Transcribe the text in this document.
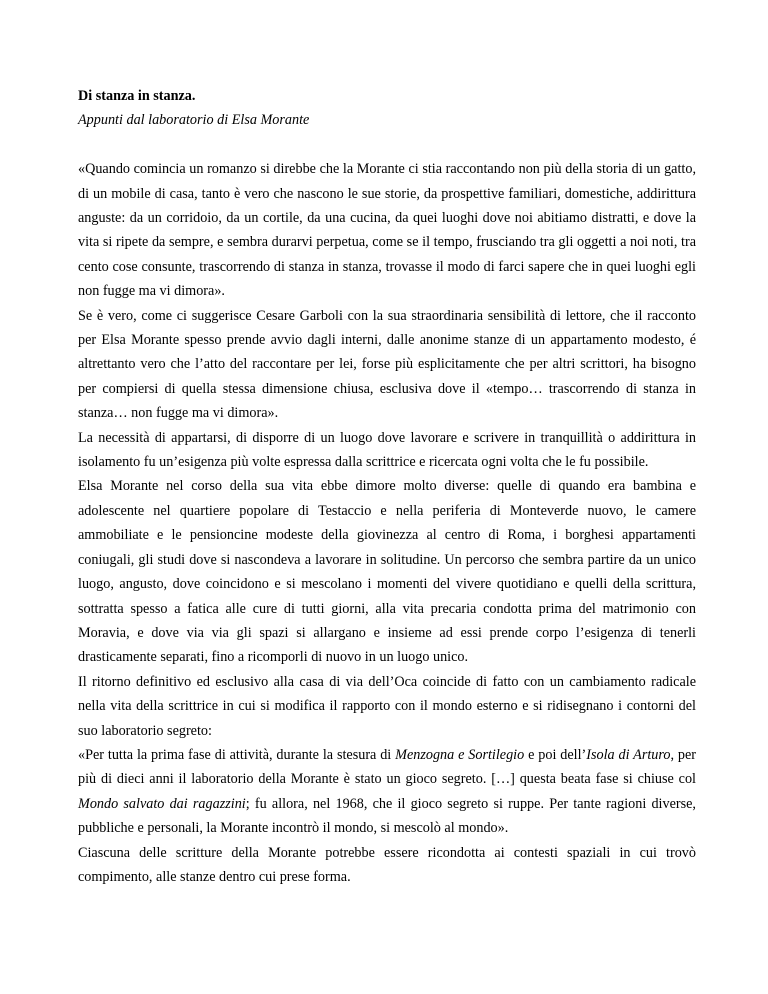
Di stanza in stanza.

Appunti dal laboratorio di Elsa Morante

«Quando comincia un romanzo si direbbe che la Morante ci stia raccontando non più della storia di un gatto, di un mobile di casa, tanto è vero che nascono le sue storie, da prospettive familiari, domestiche, addirittura anguste: da un corridoio, da un cortile, da una cucina, da quei luoghi dove noi abitiamo distratti, e dove la vita si ripete da sempre, e sembra durarvi perpetua, come se il tempo, frusciando tra gli oggetti a noi noti, tra cento cose consunte, trascorrendo di stanza in stanza, trovasse il modo di farci sapere che in quei luoghi egli non fugge ma vi dimora».

Se è vero, come ci suggerisce Cesare Garboli con la sua straordinaria sensibilità di lettore, che il racconto per Elsa Morante spesso prende avvio dagli interni, dalle anonime stanze di un appartamento modesto, é altrettanto vero che l’atto del raccontare per lei, forse più esplicitamente che per altri scrittori, ha bisogno per compiersi di quella stessa dimensione chiusa, esclusiva dove il «tempo… trascorrendo di stanza in stanza… non fugge ma vi dimora».

La necessità di appartarsi, di disporre di un luogo dove lavorare e scrivere in tranquillità o addirittura in isolamento fu un’esigenza più volte espressa dalla scrittrice e ricercata ogni volta che le fu possibile.

Elsa Morante nel corso della sua vita ebbe dimore molto diverse: quelle di quando era bambina e adolescente nel quartiere popolare di Testaccio e nella periferia di Monteverde nuovo, le camere ammobiliate e le pensioncine modeste della giovinezza al centro di Roma, i borghesi appartamenti coniugali, gli studi dove si nascondeva a lavorare in solitudine. Un percorso che sembra partire da un unico luogo, angusto, dove coincidono e si mescolano i momenti del vivere quotidiano e quelli della scrittura, sottratta spesso a fatica alle cure di tutti giorni, alla vita precaria condotta prima del matrimonio con Moravia, e dove via via gli spazi si allargano e insieme ad essi prende corpo l’esigenza di tenerli drasticamente separati, fino a ricomporli di nuovo in un luogo unico.

Il ritorno definitivo ed esclusivo alla casa di via dell’Oca coincide di fatto con un cambiamento radicale nella vita della scrittrice in cui si modifica il rapporto con il mondo esterno e si ridisegnano i contorni del suo laboratorio segreto:

«Per tutta la prima fase di attività, durante la stesura di Menzogna e Sortilegio e poi dell’Isola di Arturo, per più di dieci anni il laboratorio della Morante è stato un gioco segreto. […] questa beata fase si chiuse col Mondo salvato dai ragazzini; fu allora, nel 1968, che il gioco segreto si ruppe. Per tante ragioni diverse, pubbliche e personali, la Morante incontrò il mondo, si mescolò al mondo».

Ciascuna delle scritture della Morante potrebbe essere ricondotta ai contesti spaziali in cui trovò compimento, alle stanze dentro cui prese forma.
